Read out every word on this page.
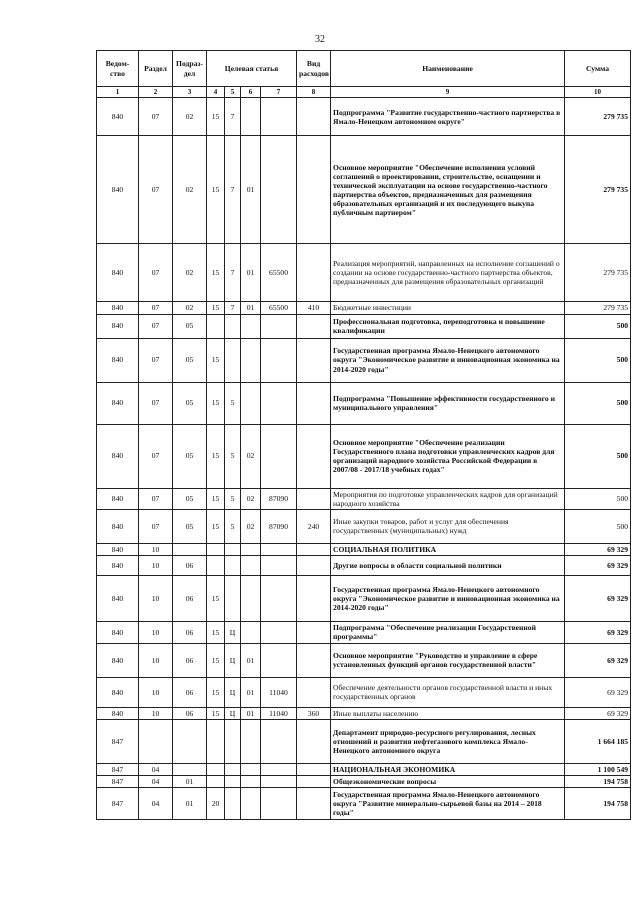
32
Ведом-ство	Раздел	Подраз-дел	Целевая статья				Вид расходов	Наименование	Сумма
1	2	3	4	5	6	7	8	9	10
840	07	02	15	7				Подпрограмма "Развитие государственно-частного партнерства в Ямало-Ненецком автономном округе"	279 735
840	07	02	15	7	01			Основное мероприятие "Обеспечение исполнения условий соглашений о проектировании, строительстве, оснащении и технической эксплуатации на основе государственно-частного партнерства объектов, предназначенных для размещения образовательных организаций и их последующего выкупа публичным партнером"	279 735
840	07	02	15	7	01	65500		Реализация мероприятий, направленных на исполнение соглашений о создании на основе государственно-частного партнерства объектов, предназначенных для размещения образовательных организаций	279 735
840	07	02	15	7	01	65500	410	Бюджетные инвестиции	279 735
840	07	05						Профессиональная подготовка, переподготовка и повышение квалификации	500
840	07	05	15					Государственная программа Ямало-Ненецкого автономного округа "Экономическое развитие и инновационная экономика на 2014-2020 годы"	500
840	07	05	15	5				Подпрограмма "Повышение эффективности государственного и муниципального управления"	500
840	07	05	15	5	02			Основное мероприятие "Обеспечение реализации Государственного плана подготовки управленческих кадров для организаций народного хозяйства Российской Федерации в 2007/08 - 2017/18 учебных годах"	500
840	07	05	15	5	02	87090		Мероприятия по подготовке управленческих кадров для организаций народного хозяйства	500
840	07	05	15	5	02	87090	240	Иные закупки товаров, работ и услуг для обеспечения государственных (муниципальных) нужд	500
840	10							СОЦИАЛЬНАЯ ПОЛИТИКА	69 329
840	10	06						Другие вопросы в области социальной политики	69 329
840	10	06	15					Государственная программа Ямало-Ненецкого автономного округа "Экономическое развитие и инновационная экономика на 2014-2020 годы"	69 329
840	10	06	15	Ц				Подпрограмма "Обеспечение реализации Государственной программы"	69 329
840	10	06	15	Ц	01			Основное мероприятие "Руководство и управление в сфере установленных функций органов государственной власти"	69 329
840	10	06	15	Ц	01	11040		Обеспечение деятельности органов государственной власти и иных государственных органов	69 329
840	10	06	15	Ц	01	11040	360	Иные выплаты населению	69 329
847								Департамент природно-ресурсного регулирования, лесных отношений и развития нефтегазового комплекса Ямало-Ненецкого автономного округа	1 664 185
847	04							НАЦИОНАЛЬНАЯ ЭКОНОМИКА	1 100 549
847	04	01						Общеэкономические вопросы	194 758
847	04	01	20					Государственная программа Ямало-Ненецкого автономного округа "Развитие минерально-сырьевой базы на 2014 – 2018 годы"	194 758
